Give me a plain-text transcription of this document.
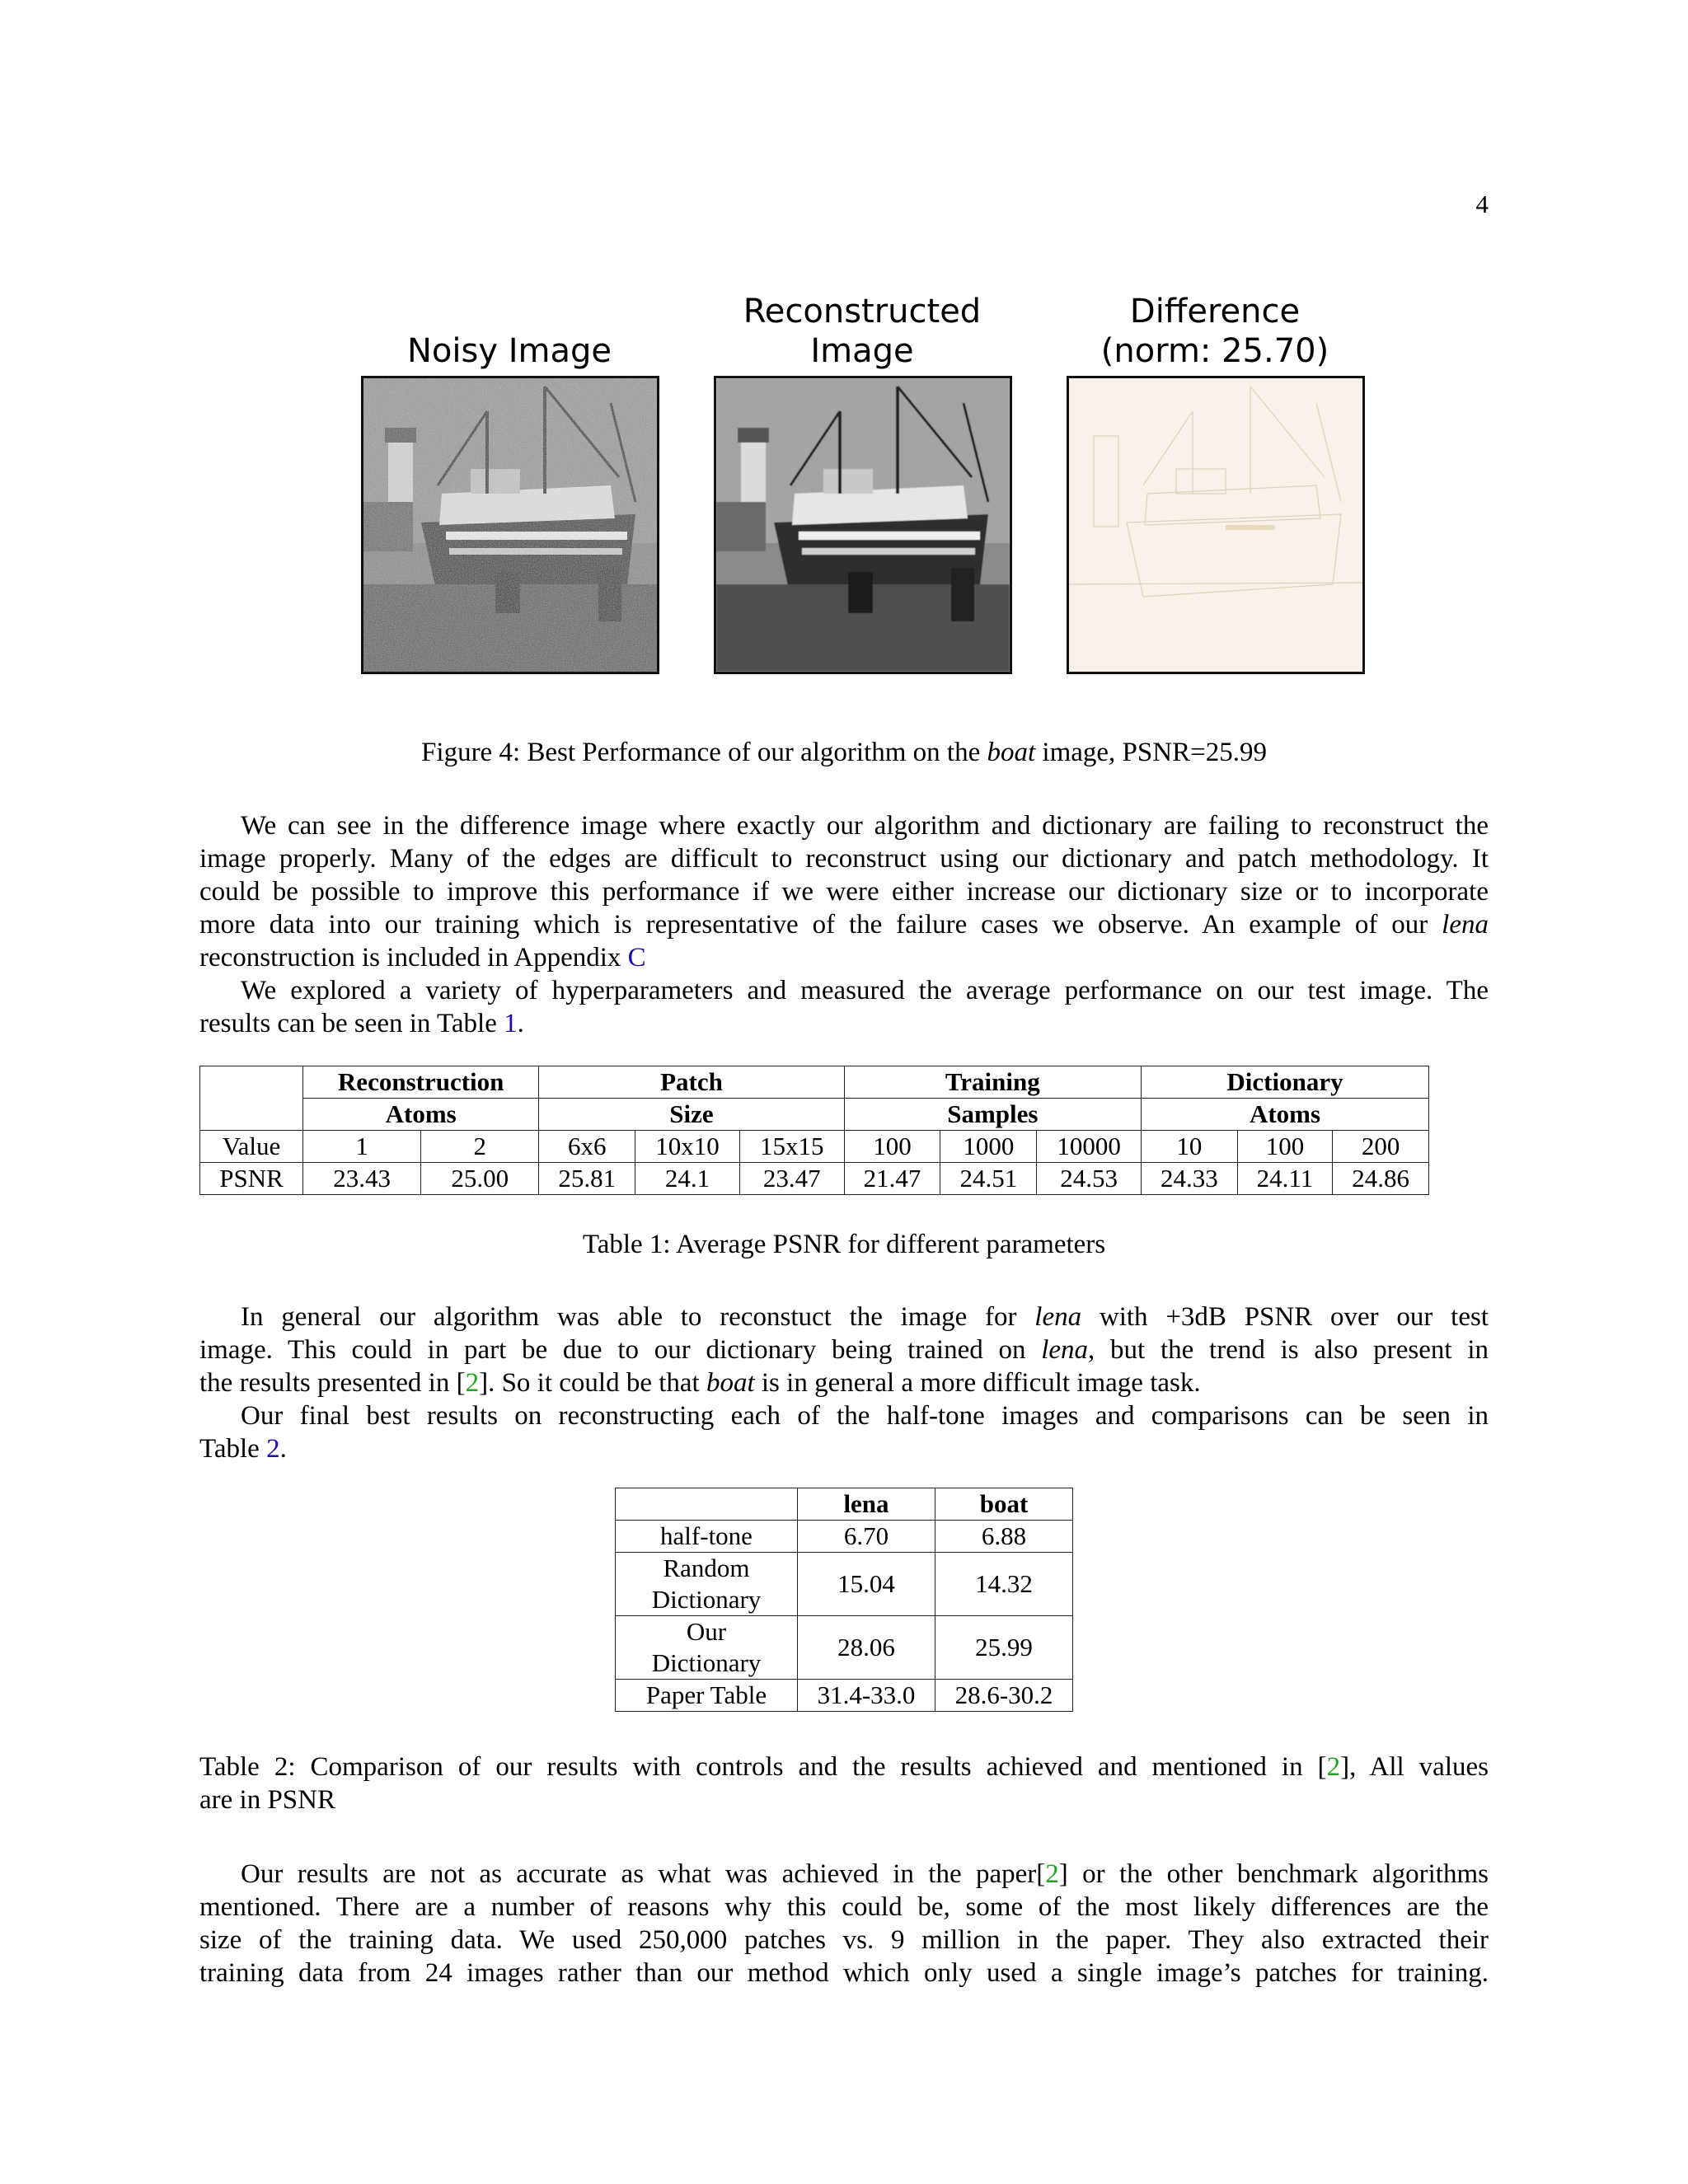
4
Noisy Image
Reconstructed
Image
Difference
(norm: 25.70)
Figure 4: Best Performance of our algorithm on the boat image, PSNR=25.99
We can see in the difference image where exactly our algorithm and dictionary are failing to reconstruct the
image properly. Many of the edges are difficult to reconstruct using our dictionary and patch methodology. It
could be possible to improve this performance if we were either increase our dictionary size or to incorporate
more data into our training which is representative of the failure cases we observe. An example of our lena
reconstruction is included in Appendix C
We explored a variety of hyperparameters and measured the average performance on our test image. The
results can be seen in Table 1.
	Reconstruction		Patch			Training			Dictionary		
	Atoms		Size			Samples			Atoms		
Value	1	2	6x6	10x10	15x15	100	1000	10000	10	100	200
PSNR	23.43	25.00	25.81	24.1	23.47	21.47	24.51	24.53	24.33	24.11	24.86
Table 1: Average PSNR for different parameters
In general our algorithm was able to reconstuct the image for lena with +3dB PSNR over our test
image. This could in part be due to our dictionary being trained on lena, but the trend is also present in
the results presented in [2]. So it could be that boat is in general a more difficult image task.
Our final best results on reconstructing each of the half-tone images and comparisons can be seen in
Table 2.
	lena	boat
half-tone	6.70	6.88
Random
Dictionary	15.04	14.32
Our
Dictionary	28.06	25.99
Paper Table	31.4-33.0	28.6-30.2
Table 2: Comparison of our results with controls and the results achieved and mentioned in [2], All values
are in PSNR
Our results are not as accurate as what was achieved in the paper[2] or the other benchmark algorithms
mentioned. There are a number of reasons why this could be, some of the most likely differences are the
size of the training data. We used 250,000 patches vs. 9 million in the paper. They also extracted their
training data from 24 images rather than our method which only used a single image’s patches for training.
